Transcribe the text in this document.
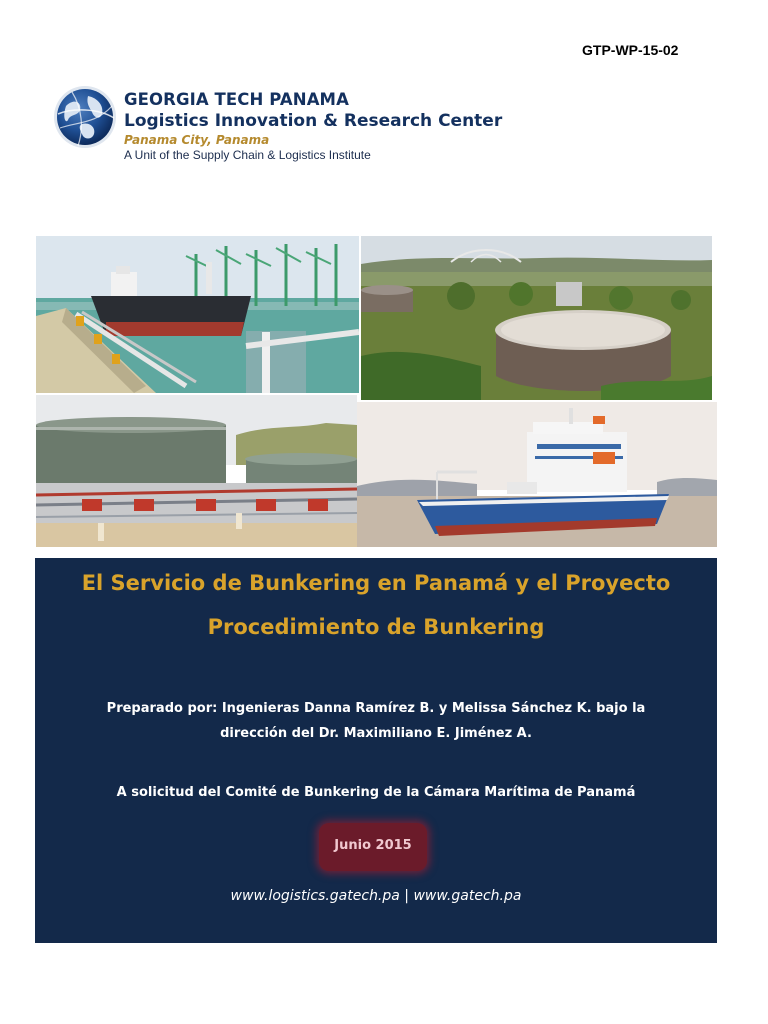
GTP-WP-15-02
GEORGIA TECH PANAMA
Logistics Innovation & Research Center
Panama City, Panama
A Unit of the Supply Chain & Logistics Institute
El Servicio de Bunkering en Panamá y el Proyecto
Procedimiento de Bunkering
Preparado por: Ingenieras Danna Ramírez B. y Melissa Sánchez K. bajo la
dirección del Dr. Maximiliano E. Jiménez A.
A solicitud del Comité de Bunkering de la Cámara Marítima de Panamá
Junio 2015
www.logistics.gatech.pa | www.gatech.pa
